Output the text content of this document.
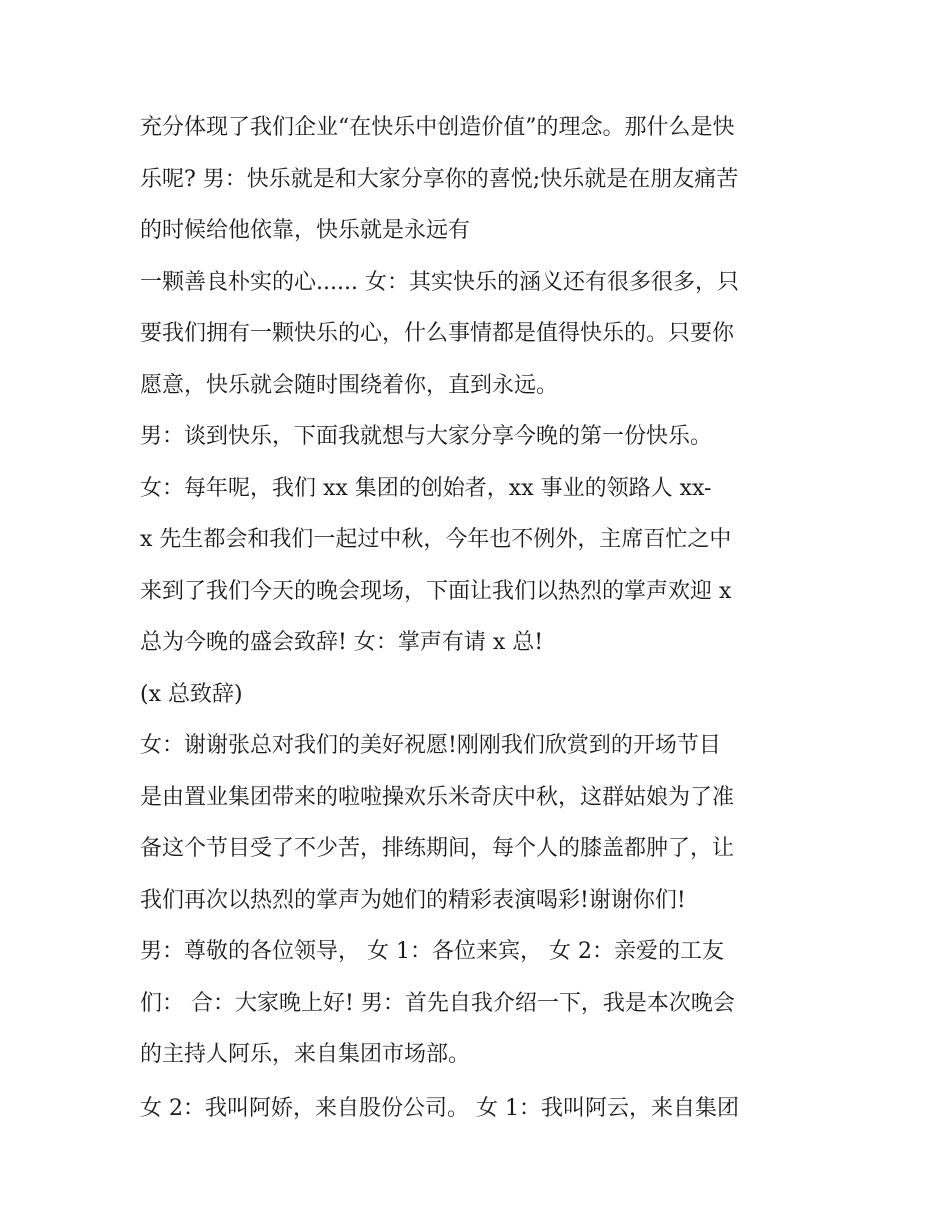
充分体现了我们企业“在快乐中创造价值”的理念。那什么是快
乐呢? 男：快乐就是和大家分享你的喜悦;快乐就是在朋友痛苦
的时候给他依靠，快乐就是永远有
一颗善良朴实的心...... 女：其实快乐的涵义还有很多很多，只
要我们拥有一颗快乐的心，什么事情都是值得快乐的。只要你
愿意，快乐就会随时围绕着你，直到永远。
男：谈到快乐，下面我就想与大家分享今晚的第一份快乐。
女：每年呢，我们 xx 集团的创始者，xx 事业的领路人 xx-
x 先生都会和我们一起过中秋，今年也不例外，主席百忙之中
来到了我们今天的晚会现场，下面让我们以热烈的掌声欢迎 x
总为今晚的盛会致辞! 女：掌声有请 x 总!
(x 总致辞)
女：谢谢张总对我们的美好祝愿!刚刚我们欣赏到的开场节目
是由置业集团带来的啦啦操欢乐米奇庆中秋，这群姑娘为了准
备这个节目受了不少苦，排练期间，每个人的膝盖都肿了，让
我们再次以热烈的掌声为她们的精彩表演喝彩!谢谢你们!
男：尊敬的各位领导， 女 1：各位来宾， 女 2：亲爱的工友
们： 合：大家晚上好! 男：首先自我介绍一下，我是本次晚会
的主持人阿乐，来自集团市场部。
女 2：我叫阿娇，来自股份公司。 女 1：我叫阿云，来自集团
